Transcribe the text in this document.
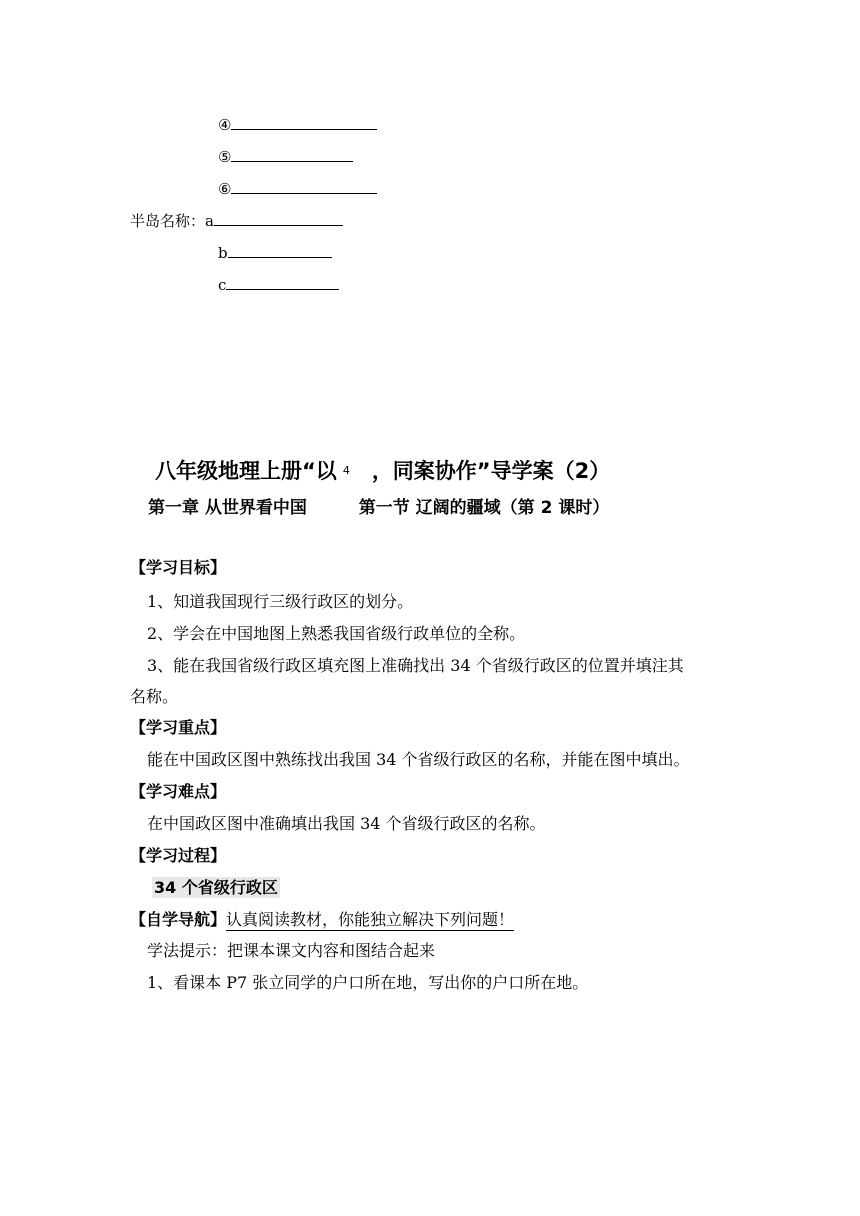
④
⑤
⑥
半岛名称：a
b
c
八年级地理上册“以 4 ，同案协作”导学案（2）
第一章 从世界看中国	第一节 辽阔的疆域（第 2 课时）
【学习目标】
1、知道我国现行三级行政区的划分。
2、学会在中国地图上熟悉我国省级行政单位的全称。
3、能在我国省级行政区填充图上准确找出 34 个省级行政区的位置并填注其
名称。
【学习重点】
能在中国政区图中熟练找出我国 34 个省级行政区的名称，并能在图中填出。
【学习难点】
在中国政区图中准确填出我国 34 个省级行政区的名称。
【学习过程】
34 个省级行政区
【自学导航】认真阅读教材，你能独立解决下列问题！
学法提示：把课本课文内容和图结合起来
1、看课本 P7 张立同学的户口所在地，写出你的户口所在地。
